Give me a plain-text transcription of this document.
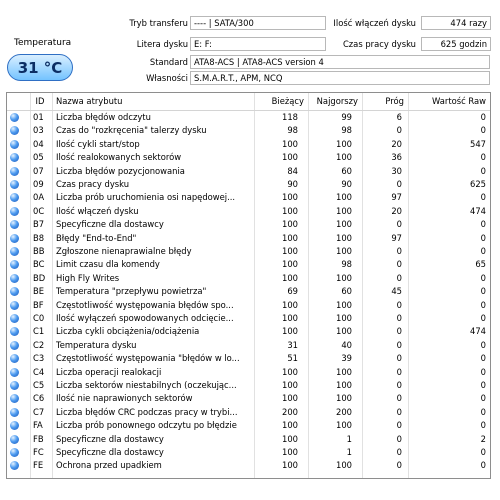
Temperatura
31 °C
Tryb transferu ---- | SATA/300
Litera dysku E: F:
Standard ATA8-ACS | ATA8-ACS version 4
Własności S.M.A.R.T., APM, NCQ
Ilość włączeń dysku	474 razy
Czas pracy dysku	625 godzin
ID	Nazwa atrybutu	Bieżący	Najgorszy	Próg	Wartość Raw
01	Liczba błędów odczytu	118	99	6	0
03	Czas do "rozkręcenia" talerzy dysku	98	98	0	0
04	Ilość cykli start/stop	100	100	20	547
05	Ilość realokowanych sektorów	100	100	36	0
07	Liczba błędów pozycjonowania	84	60	30	0
09	Czas pracy dysku	90	90	0	625
0A	Liczba prób uruchomienia osi napędowej...	100	100	97	0
0C	Ilość włączeń dysku	100	100	20	474
B7	Specyficzne dla dostawcy	100	100	0	0
B8	Błędy "End-to-End"	100	100	97	0
BB	Zgłoszone nienaprawialne błędy	100	100	0	0
BC	Limit czasu dla komendy	100	98	0	65
BD	High Fly Writes	100	100	0	0
BE	Temperatura "przepływu powietrza"	69	60	45	0
BF	Częstotliwość występowania błędów spo...	100	100	0	0
C0	Ilość wyłączeń spowodowanych odcięcie...	100	100	0	0
C1	Liczba cykli obciążenia/odciążenia	100	100	0	474
C2	Temperatura dysku	31	40	0	0
C3	Częstotliwość występowania "błędów w lo...	51	39	0	0
C4	Liczba operacji realokacji	100	100	0	0
C5	Liczba sektorów niestabilnych (oczekując...	100	100	0	0
C6	Ilość nie naprawionych sektorów	100	100	0	0
C7	Liczba błędów CRC podczas pracy w trybi...	200	200	0	0
FA	Liczba prób ponownego odczytu po błędzie	100	100	0	0
FB	Specyficzne dla dostawcy	100	1	0	2
FC	Specyficzne dla dostawcy	100	1	0	0
FE	Ochrona przed upadkiem	100	100	0	0
